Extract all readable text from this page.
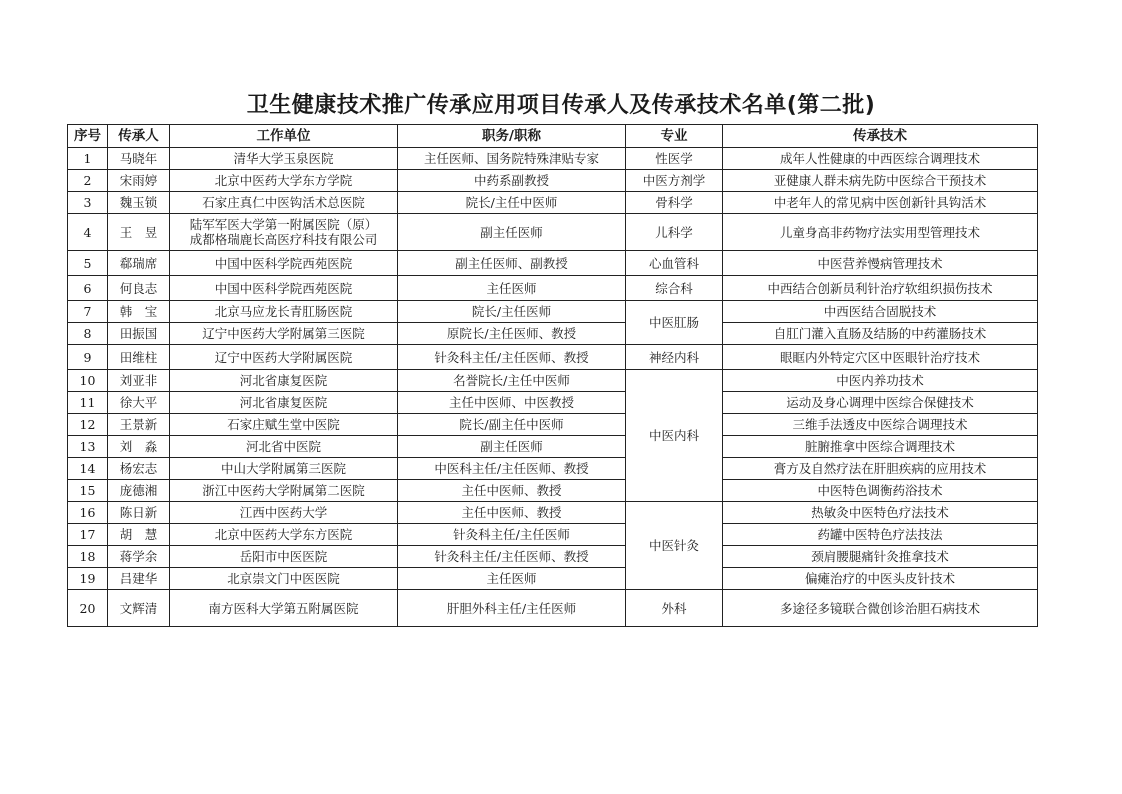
卫生健康技术推广传承应用项目传承人及传承技术名单(第二批)
序号	传承人	工作单位	职务/职称	专业	传承技术
1	马晓年	清华大学玉泉医院	主任医师、国务院特殊津贴专家	性医学	成年人性健康的中西医综合调理技术
2	宋雨婷	北京中医药大学东方学院	中药系副教授	中医方剂学	亚健康人群未病先防中医综合干预技术
3	魏玉锁	石家庄真仁中医钩活术总医院	院长/主任中医师	骨科学	中老年人的常见病中医创新针具钩活术
4	王　昱	陆军军医大学第一附属医院（原）
成都格瑞鹿长高医疗科技有限公司	副主任医师	儿科学	儿童身高非药物疗法实用型管理技术
5	郗瑞席	中国中医科学院西苑医院	副主任医师、副教授	心血管科	中医营养慢病管理技术
6	何良志	中国中医科学院西苑医院	主任医师	综合科	中西结合创新员利针治疗软组织损伤技术
7	韩　宝	北京马应龙长青肛肠医院	院长/主任医师	中医肛肠	中西医结合固脱技术
8	田振国	辽宁中医药大学附属第三医院	原院长/主任医师、教授		自肛门灌入直肠及结肠的中药灌肠技术
9	田维柱	辽宁中医药大学附属医院	针灸科主任/主任医师、教授	神经内科	眼眶内外特定穴区中医眼针治疗技术
10	刘亚非	河北省康复医院	名誉院长/主任中医师	中医内科	中医内养功技术
11	徐大平	河北省康复医院	主任中医师、中医教授		运动及身心调理中医综合保健技术
12	王景新	石家庄赋生堂中医院	院长/副主任中医师		三维手法透皮中医综合调理技术
13	刘　淼	河北省中医院	副主任医师		脏腑推拿中医综合调理技术
14	杨宏志	中山大学附属第三医院	中医科主任/主任医师、教授		膏方及自然疗法在肝胆疾病的应用技术
15	庞德湘	浙江中医药大学附属第二医院	主任中医师、教授		中医特色调衡药浴技术
16	陈日新	江西中医药大学	主任中医师、教授	中医针灸	热敏灸中医特色疗法技术
17	胡　慧	北京中医药大学东方医院	针灸科主任/主任医师		药罐中医特色疗法技法
18	蒋学余	岳阳市中医医院	针灸科主任/主任医师、教授		颈肩腰腿痛针灸推拿技术
19	吕建华	北京崇文门中医医院	主任医师		偏瘫治疗的中医头皮针技术
20	文辉清	南方医科大学第五附属医院	肝胆外科主任/主任医师	外科	多途径多镜联合微创诊治胆石病技术
